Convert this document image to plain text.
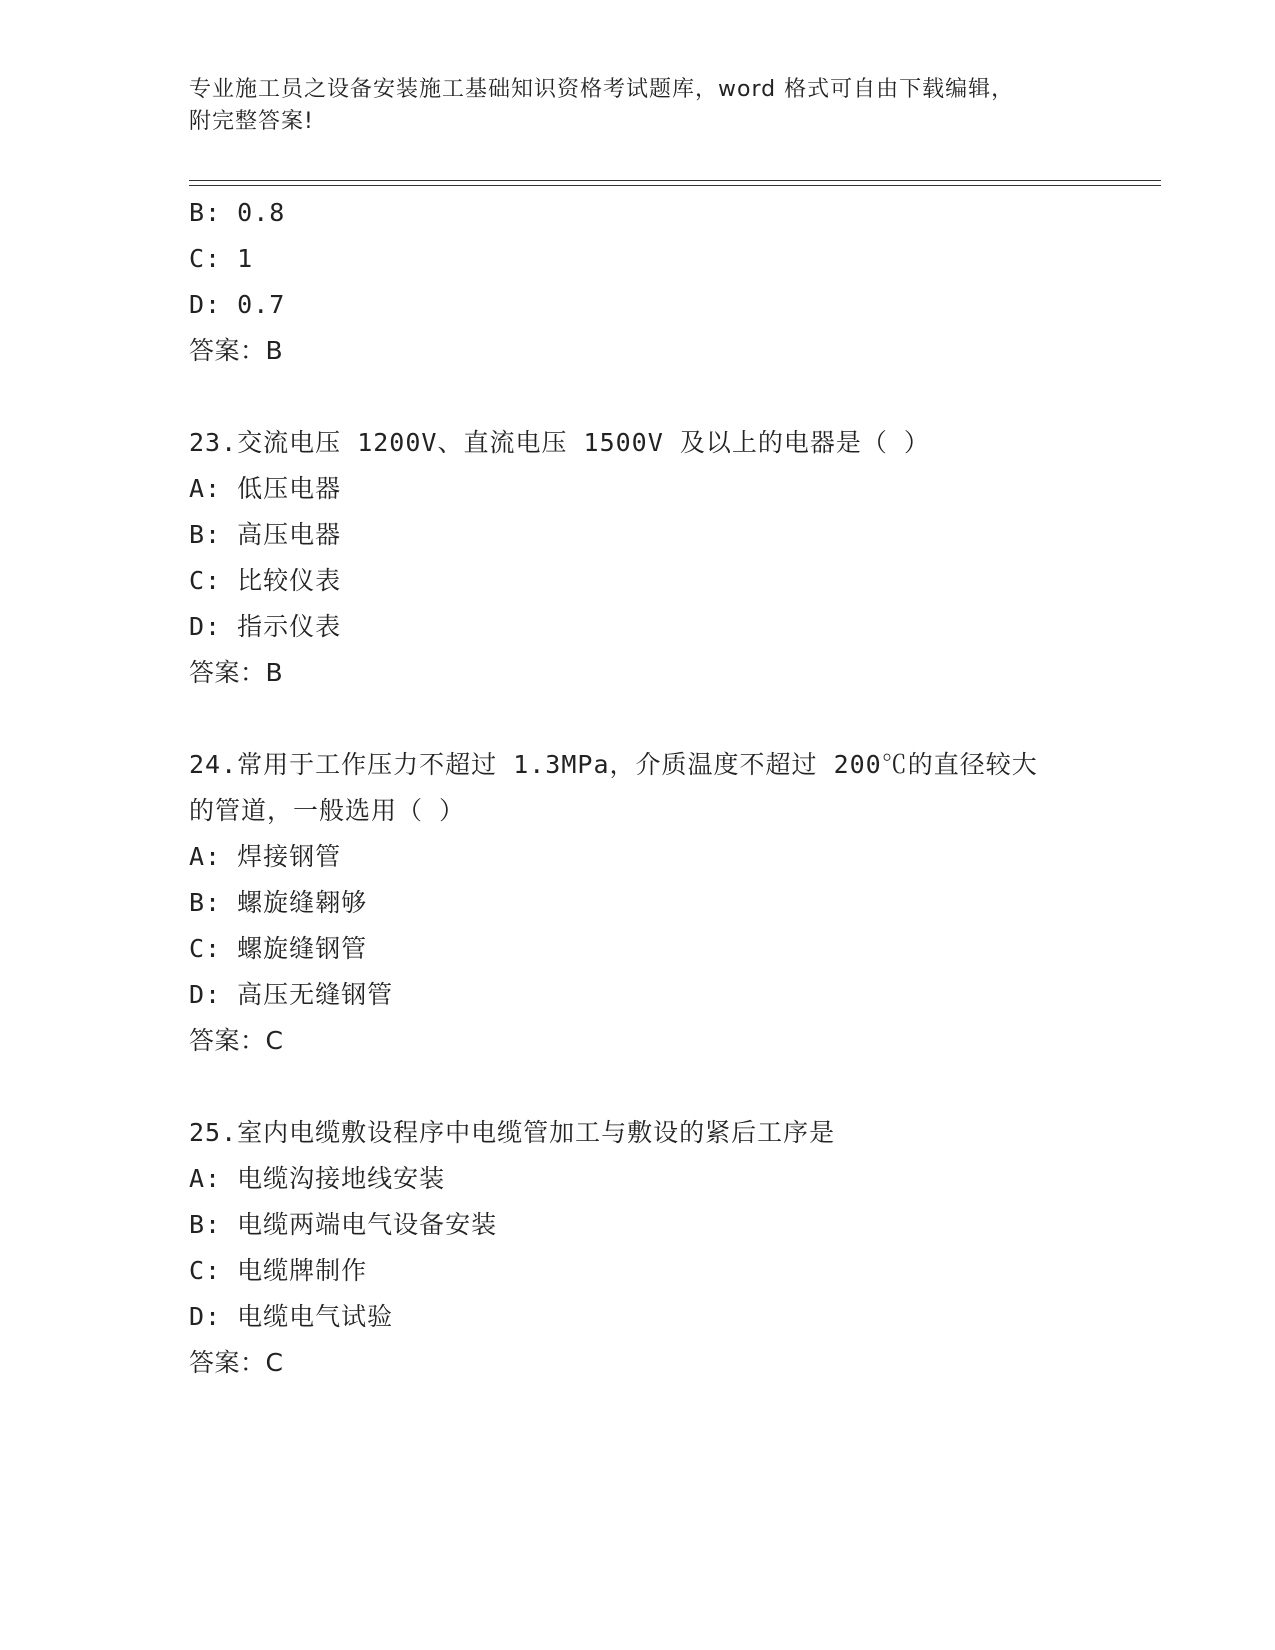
专业施工员之设备安装施工基础知识资格考试题库，word 格式可自由下载编辑，
附完整答案!
B: 0.8
C: 1
D: 0.7
答案：B
23.交流电压 1200V、直流电压 1500V 及以上的电器是（ ）
A: 低压电器
B: 高压电器
C: 比较仪表
D: 指示仪表
答案：B
24.常用于工作压力不超过 1.3MPa，介质温度不超过 200℃的直径较大
的管道，一般选用（ ）
A: 焊接钢管
B: 螺旋缝翱够
C: 螺旋缝钢管
D: 高压无缝钢管
答案：C
25.室内电缆敷设程序中电缆管加工与敷设的紧后工序是
A: 电缆沟接地线安装
B: 电缆两端电气设备安装
C: 电缆牌制作
D: 电缆电气试验
答案：C
